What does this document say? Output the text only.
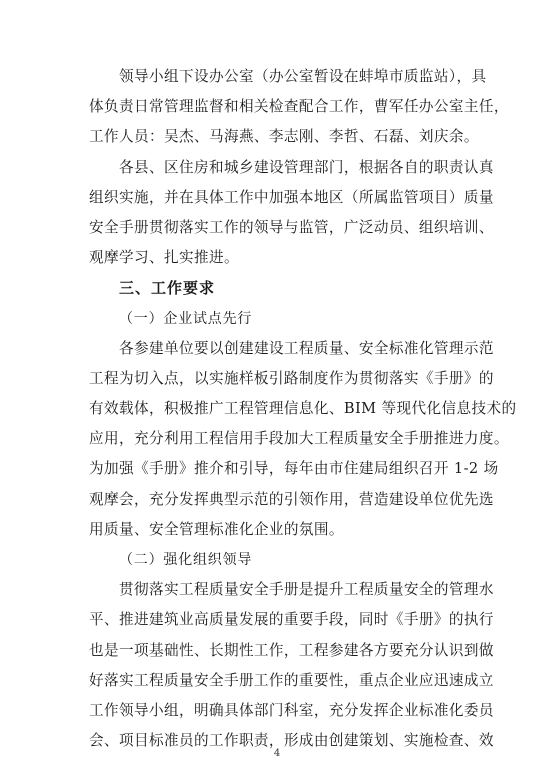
领导小组下设办公室（办公室暂设在蚌埠市质监站），具

体负责日常管理监督和相关检查配合工作，曹军任办公室主任，

工作人员：吴杰、马海燕、李志刚、李哲、石磊、刘庆余。

各县、区住房和城乡建设管理部门，根据各自的职责认真

组织实施，并在具体工作中加强本地区（所属监管项目）质量

安全手册贯彻落实工作的领导与监管，广泛动员、组织培训、

观摩学习、扎实推进。

三、工作要求
（一）企业试点先行

各参建单位要以创建建设工程质量、安全标准化管理示范

工程为切入点，以实施样板引路制度作为贯彻落实《手册》的

有效载体，积极推广工程管理信息化、BIM 等现代化信息技术的

应用，充分利用工程信用手段加大工程质量安全手册推进力度。

为加强《手册》推介和引导，每年由市住建局组织召开 1-2 场

观摩会，充分发挥典型示范的引领作用，营造建设单位优先选

用质量、安全管理标准化企业的氛围。

（二）强化组织领导

贯彻落实工程质量安全手册是提升工程质量安全的管理水

平、推进建筑业高质量发展的重要手段，同时《手册》的执行

也是一项基础性、长期性工作，工程参建各方要充分认识到做

好落实工程质量安全手册工作的重要性，重点企业应迅速成立

工作领导小组，明确具体部门科室，充分发挥企业标准化委员

会、项目标准员的工作职责，形成由创建策划、实施检查、效

4
